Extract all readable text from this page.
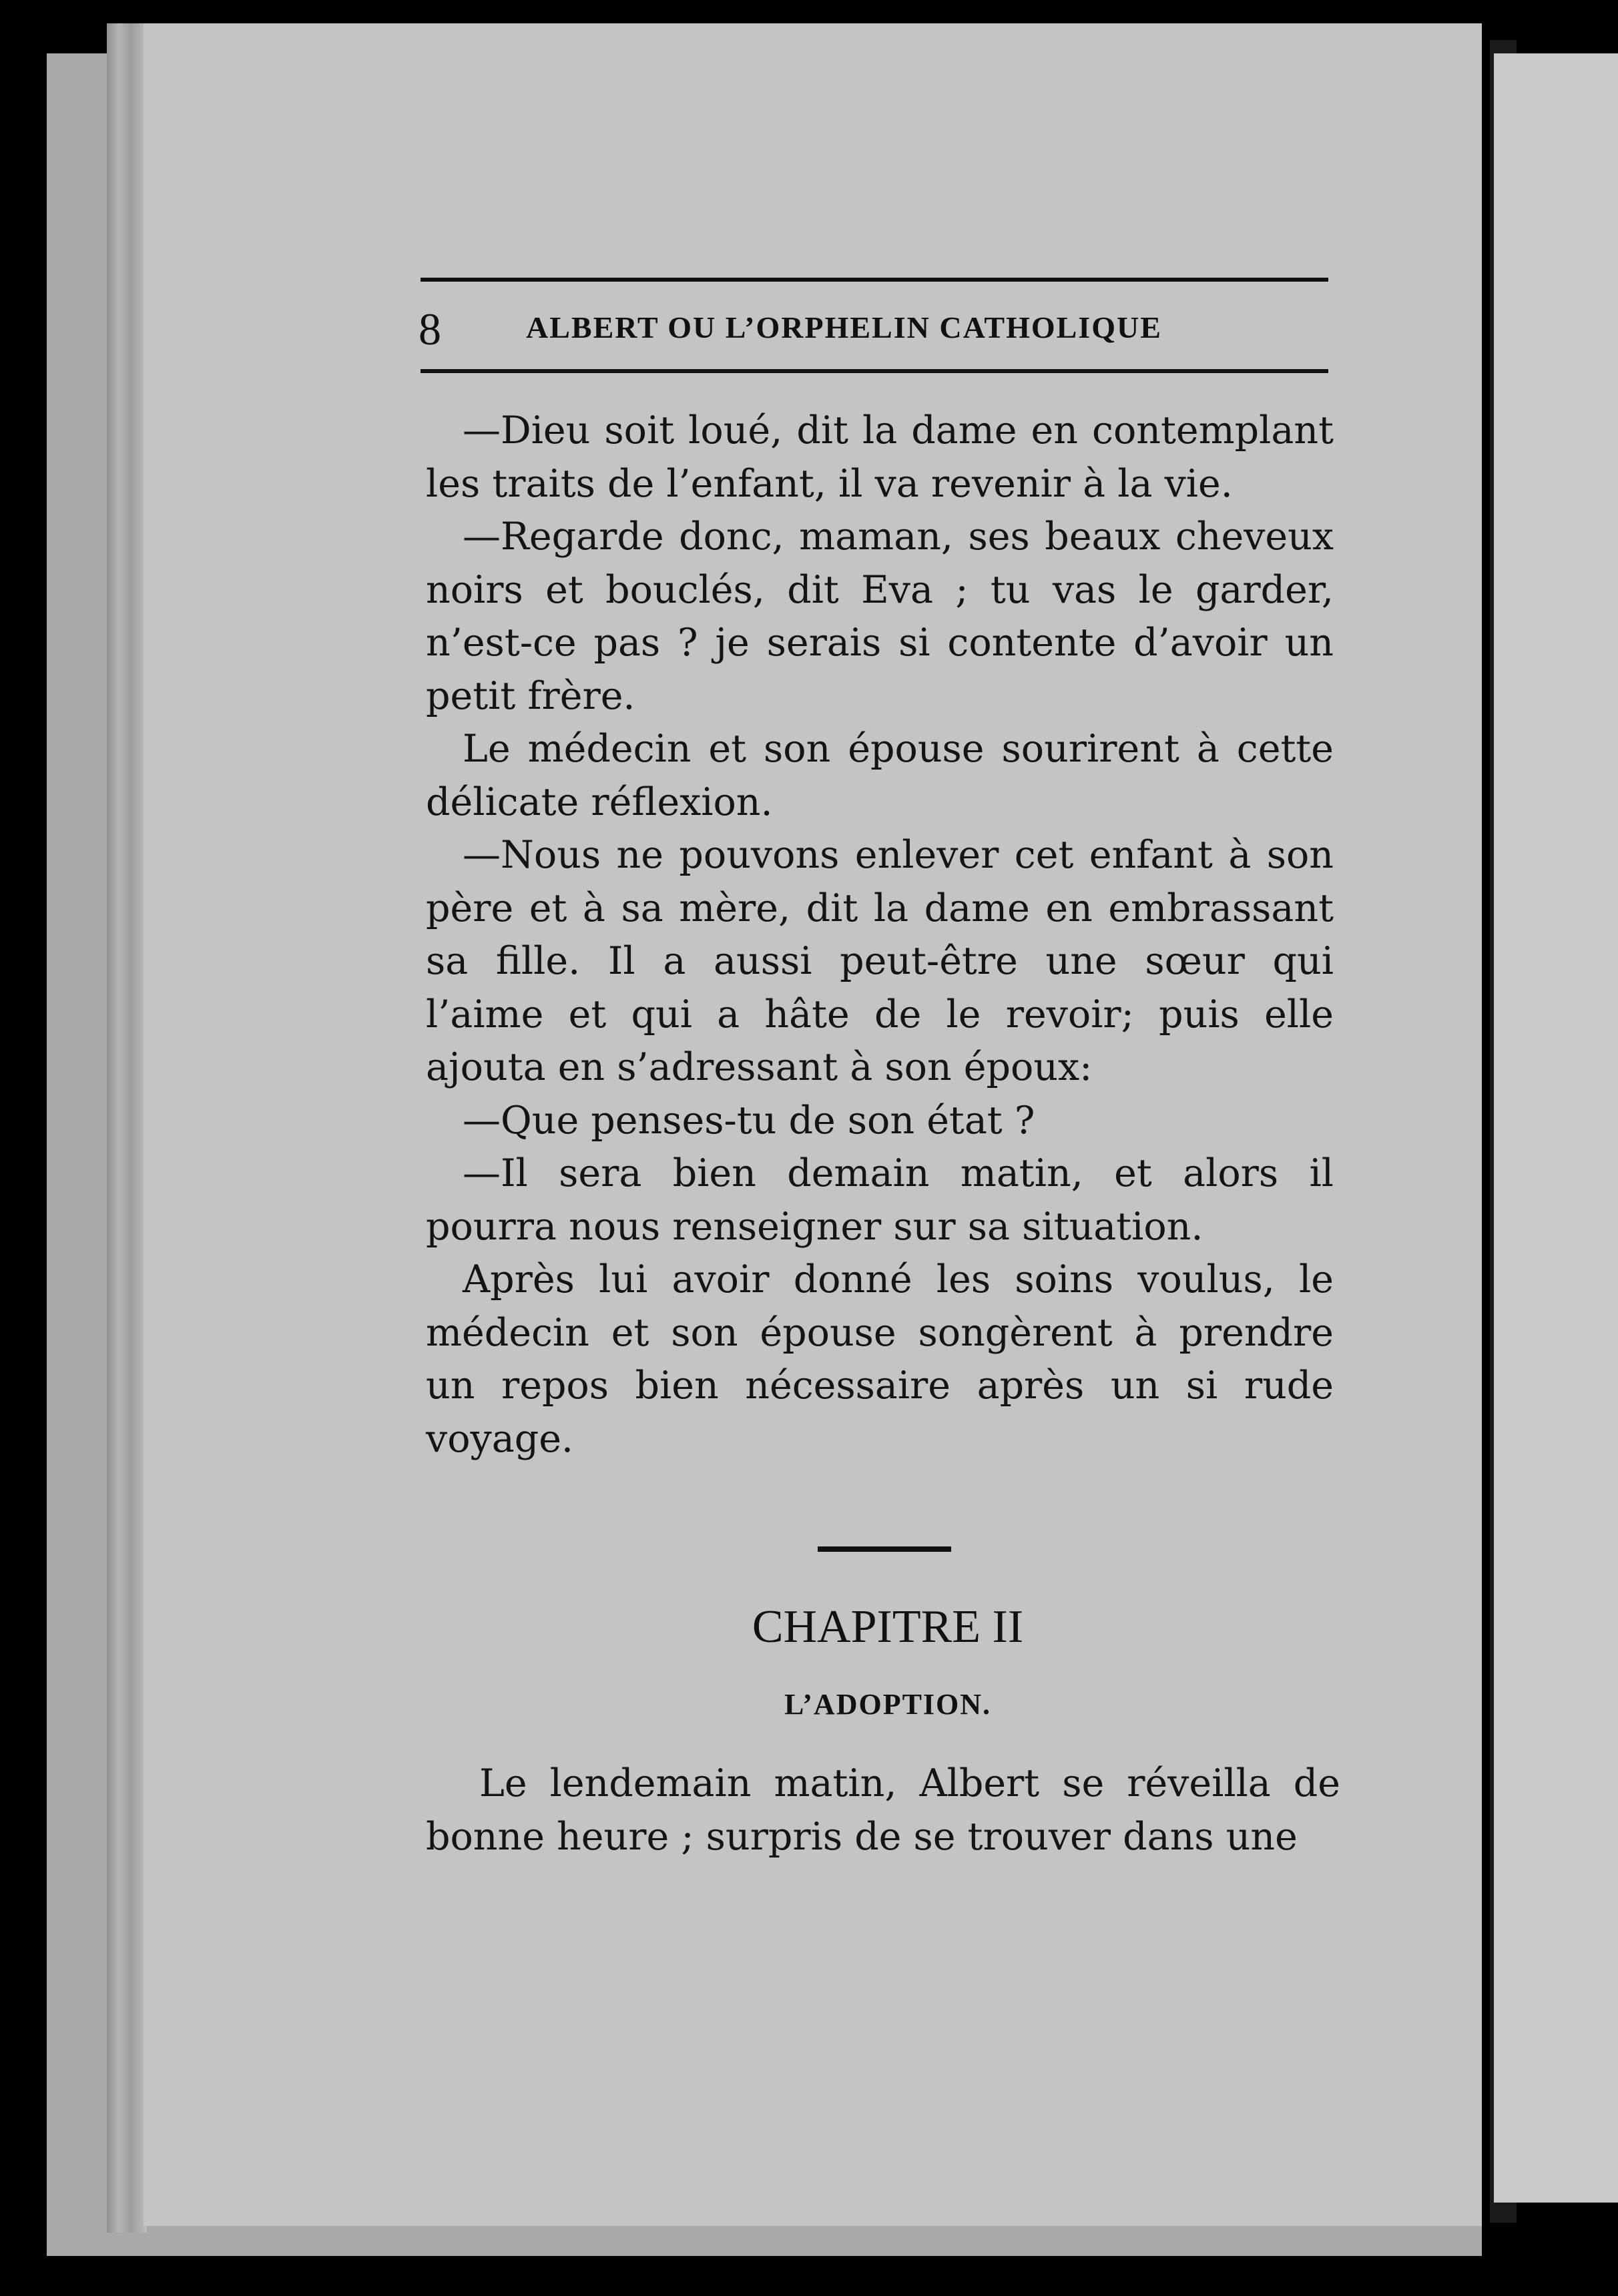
8	ALBERT OU L’ORPHELIN CATHOLIQUE

—Dieu soit loué, dit la dame en contemplant les traits de l’enfant, il va revenir à la vie.

—Regarde donc, maman, ses beaux cheveux noirs et bouclés, dit Eva ; tu vas le garder, n’est-ce pas ? je serais si contente d’avoir un petit frère.

Le médecin et son épouse sourirent à cette délicate réflexion.

—Nous ne pouvons enlever cet enfant à son père et à sa mère, dit la dame en embrassant sa fille. Il a aussi peut-être une sœur qui l’aime et qui a hâte de le revoir; puis elle ajouta en s’adressant à son époux:

—Que penses-tu de son état ?

—Il sera bien demain matin, et alors il pourra nous renseigner sur sa situation.

Après lui avoir donné les soins voulus, le médecin et son épouse songèrent à prendre un repos bien nécessaire après un si rude voyage.

CHAPITRE II
L’ADOPTION.

Le lendemain matin, Albert se réveilla de bonne heure ; surpris de se trouver dans une
